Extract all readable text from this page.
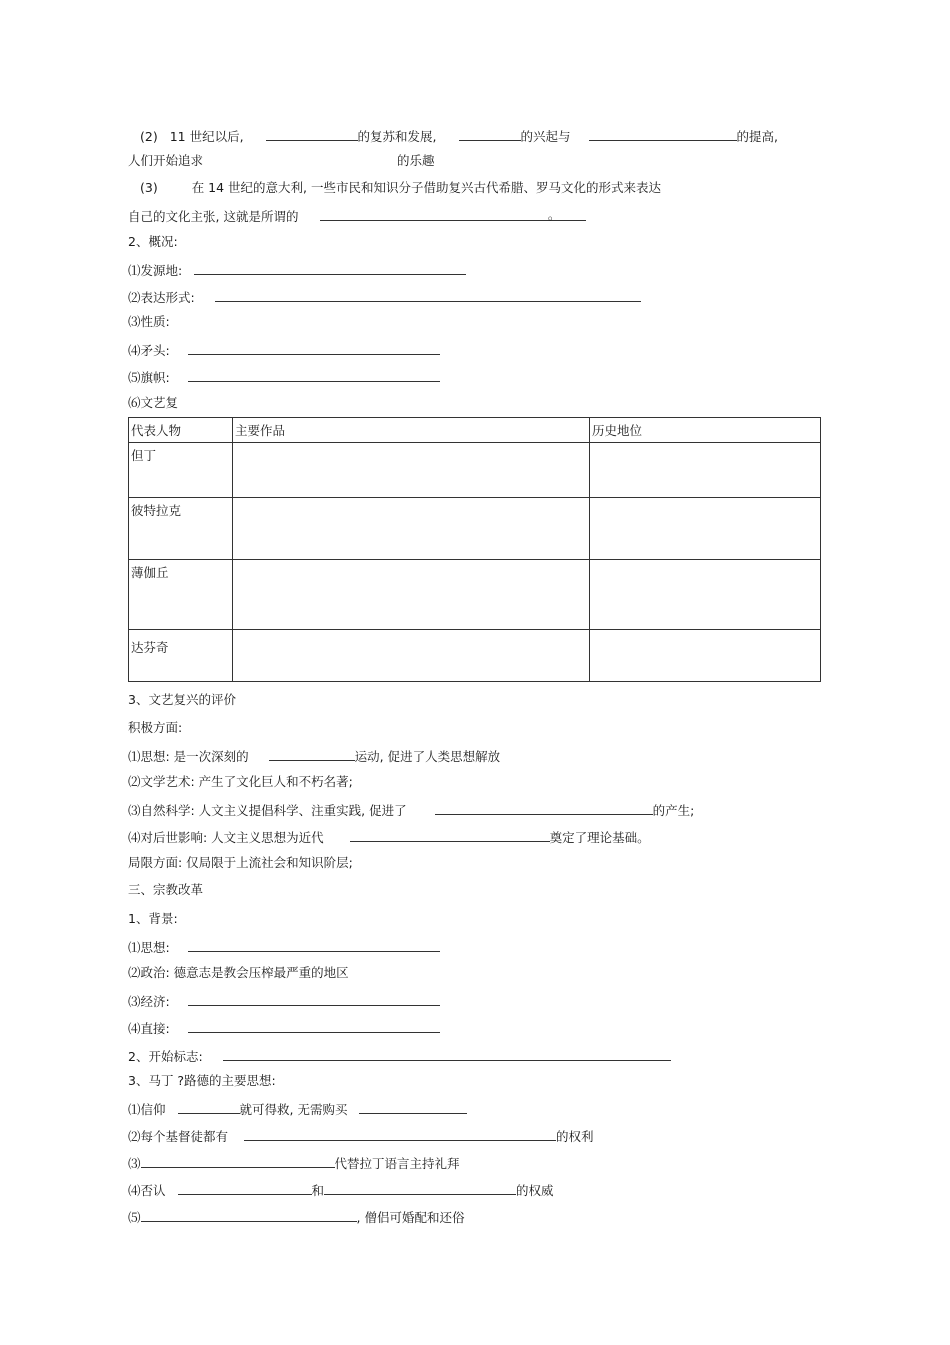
(2) 11 世纪以后,	的复苏和发展,	的兴起与	的提高,
人们开始追求	的乐趣
(3)	在 14 世纪的意大利, 一些市民和知识分子借助复兴古代希腊、罗马文化的形式来表达
自己的文化主张, 这就是所谓的	。
2、概况:
⑴发源地:
⑵表达形式:
⑶性质:
⑷矛头:
⑸旗帜:
⑹文艺复
代表人物	主要作品	历史地位
但丁		
彼特拉克		
薄伽丘		
达芬奇		
3、文艺复兴的评价
积极方面:
⑴思想: 是一次深刻的	运动, 促进了人类思想解放
⑵文学艺术: 产生了文化巨人和不朽名著;
⑶自然科学: 人文主义提倡科学、注重实践, 促进了	的产生;
⑷对后世影响: 人文主义思想为近代	奠定了理论基础。
局限方面: 仅局限于上流社会和知识阶层;
三、宗教改革
1、背景:
⑴思想:
⑵政治: 德意志是教会压榨最严重的地区
⑶经济:
⑷直接:
2、开始标志:
3、马丁 ?路德的主要思想:
⑴信仰	就可得救, 无需购买
⑵每个基督徒都有	的权利
⑶	代替拉丁语言主持礼拜
⑷否认	和	的权威
⑸	, 僧侣可婚配和还俗
